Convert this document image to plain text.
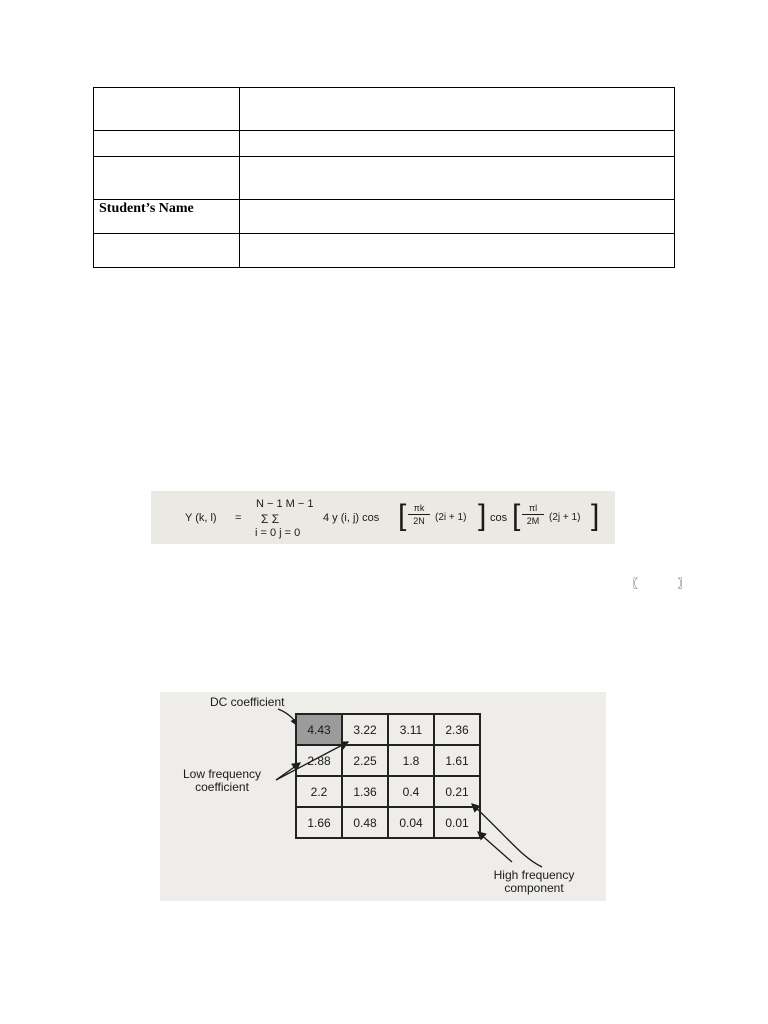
Student’s Name	

Y (k, l) =
N − 1 M − 1
Σ Σ
i = 0 j = 0
4 y (i, j) cos [ πk
2N	(2i + 1) ] cos [ πl
2M (2j + 1) ]
〖 〗
DC coefficient
Low frequency
coefficient
High frequency
component
4.43	3.22	3.11	2.36
2.88	2.25	1.8	1.61
2.2	1.36	0.4	0.21
1.66	0.48	0.04	0.01
